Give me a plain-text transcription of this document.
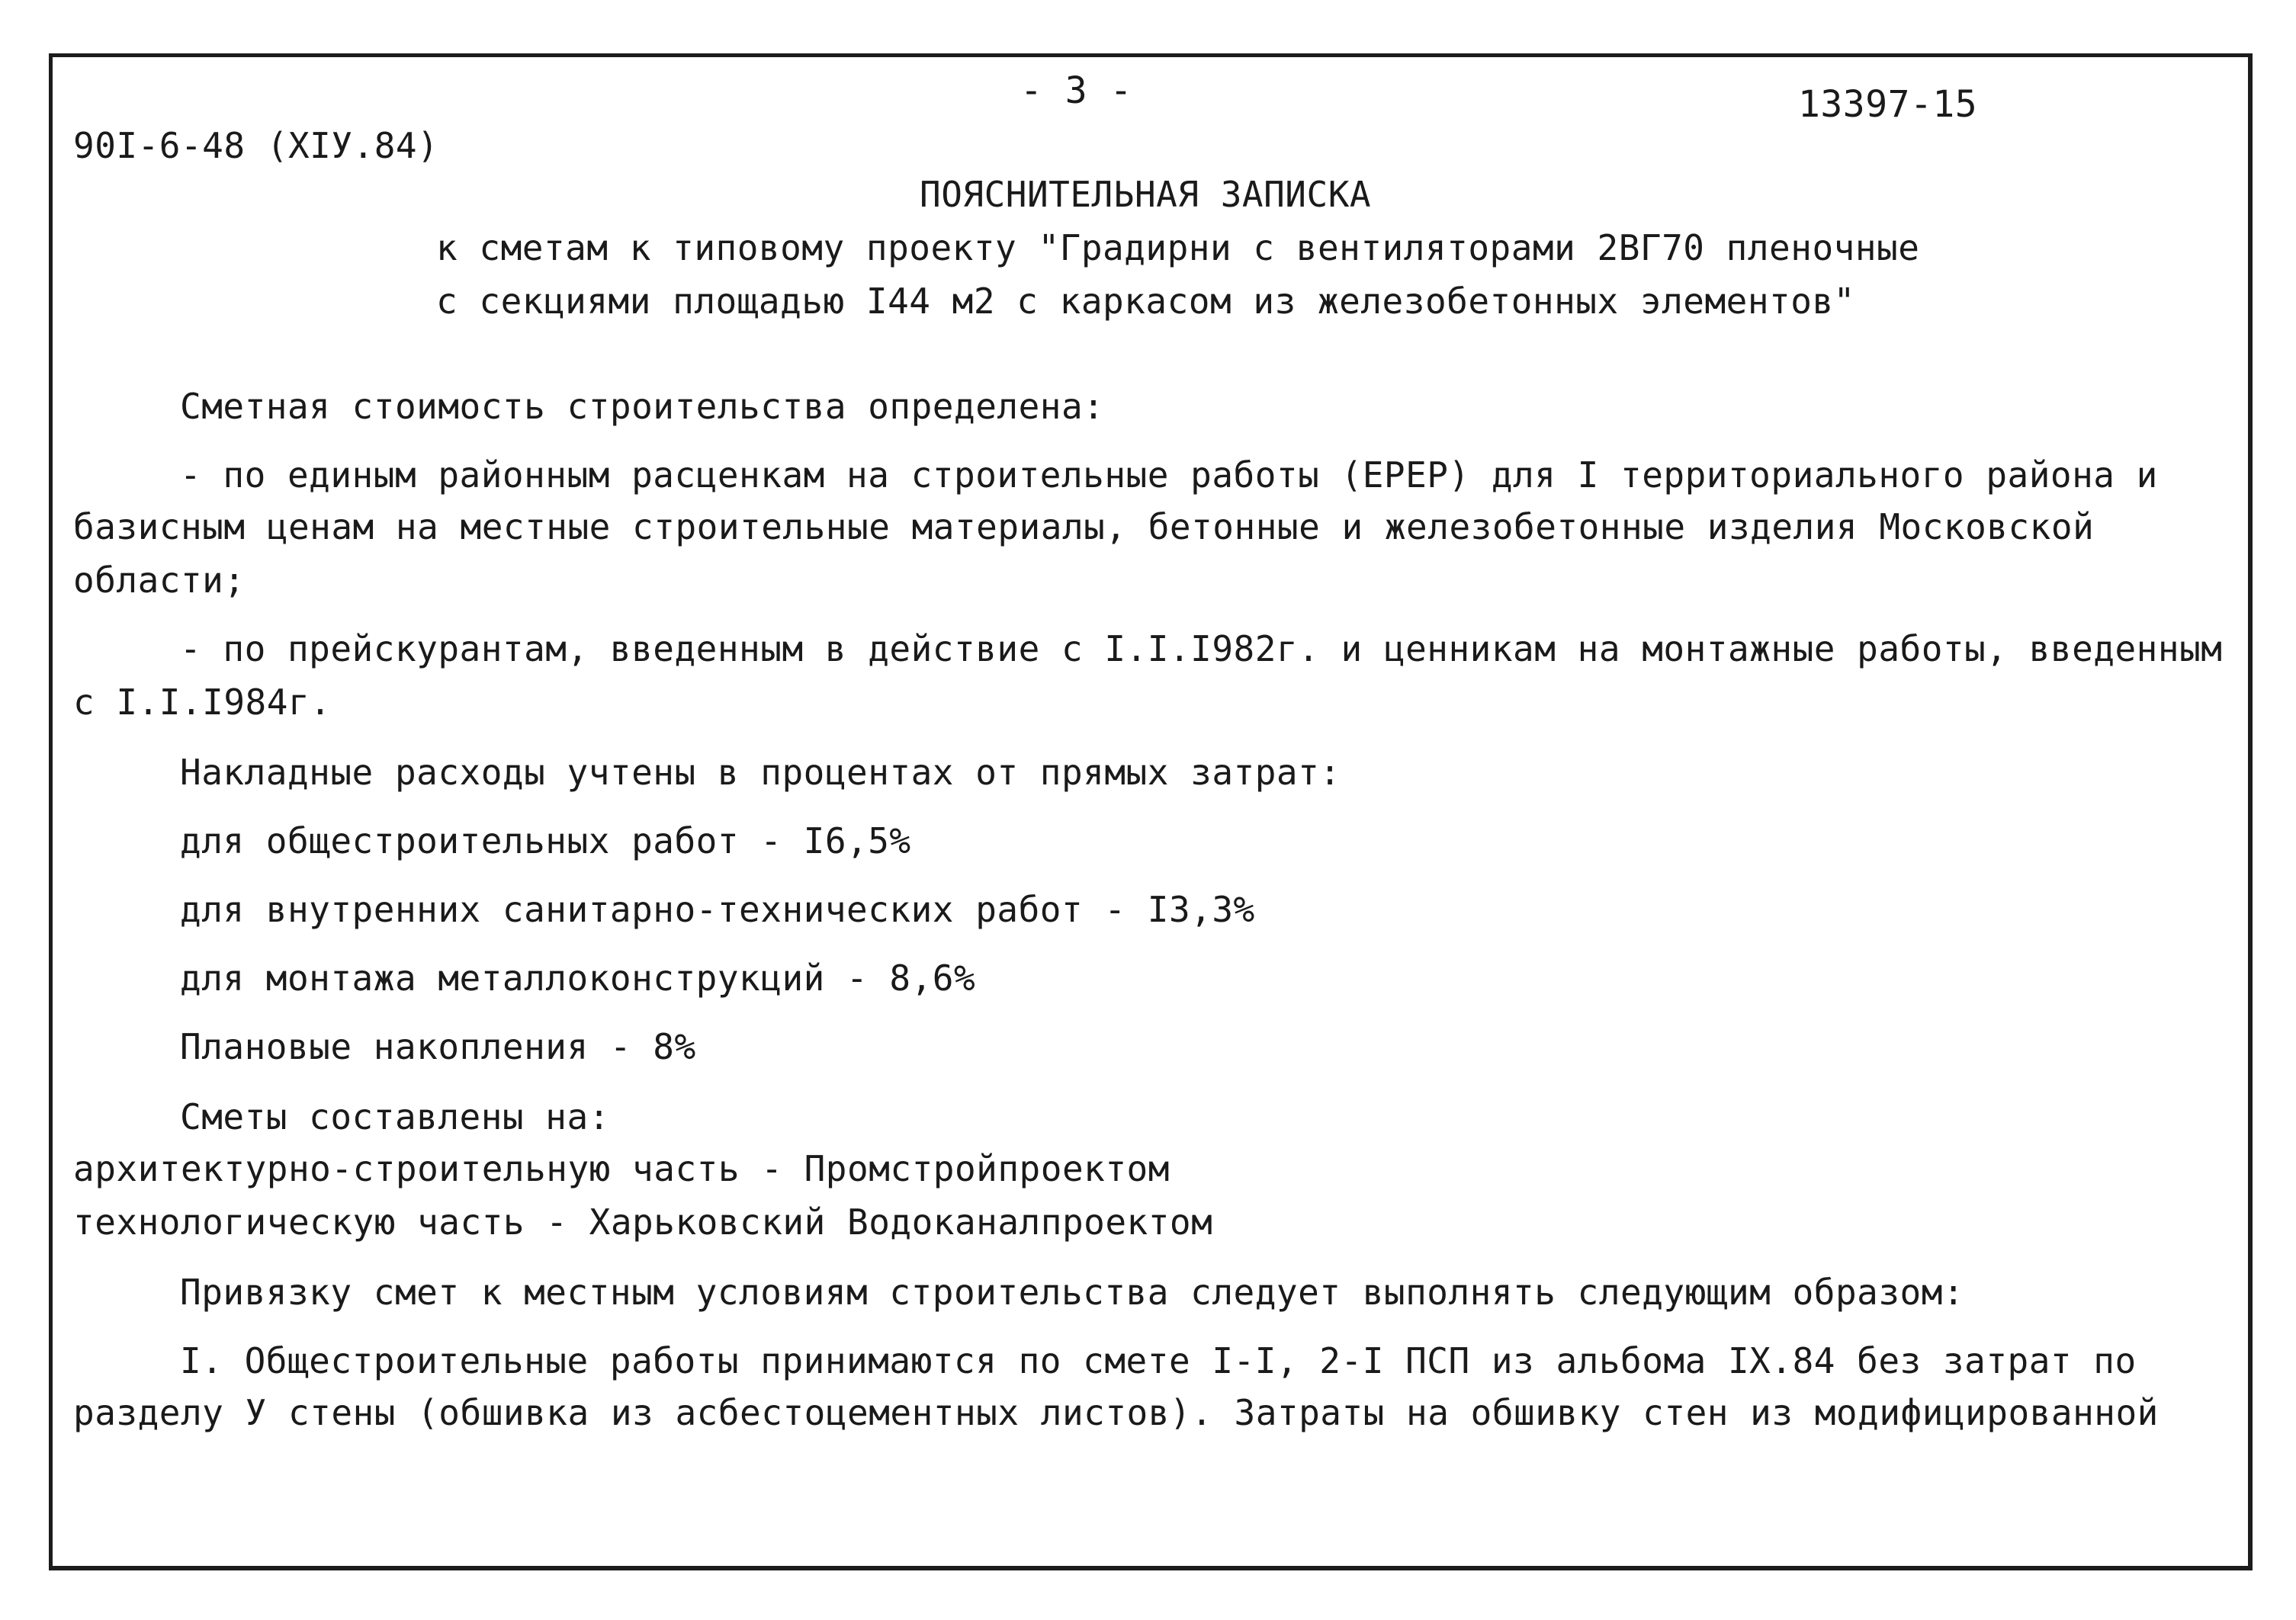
- 3 -	13397-15
90I-6-48 (XIУ.84)
ПОЯСНИТЕЛЬНАЯ ЗАПИСКА
к сметам к типовому проекту "Градирни с вентиляторами 2ВГ70 пленочные
с секциями площадью I44 м2 с каркасом из железобетонных элементов"
Сметная стоимость строительства определена:
- по единым районным расценкам на строительные работы (ЕРЕР) для I территориального района и
базисным ценам на местные строительные материалы, бетонные и железобетонные изделия Московской
области;
- по прейскурантам, введенным в действие с I.I.I982г. и ценникам на монтажные работы, введенным
с I.I.I984г.
Накладные расходы учтены в процентах от прямых затрат:
для общестроительных работ - I6,5%
для внутренних санитарно-технических работ - I3,3%
для монтажа металлоконструкций - 8,6%
Плановые накопления - 8%
Сметы составлены на:
архитектурно-строительную часть - Промстройпроектом
технологическую часть - Харьковский Водоканалпроектом
Привязку смет к местным условиям строительства следует выполнять следующим образом:
I. Общестроительные работы принимаются по смете I-I, 2-I ПСП из альбома IX.84 без затрат по
разделу У стены (обшивка из асбестоцементных листов). Затраты на обшивку стен из модифицированной
